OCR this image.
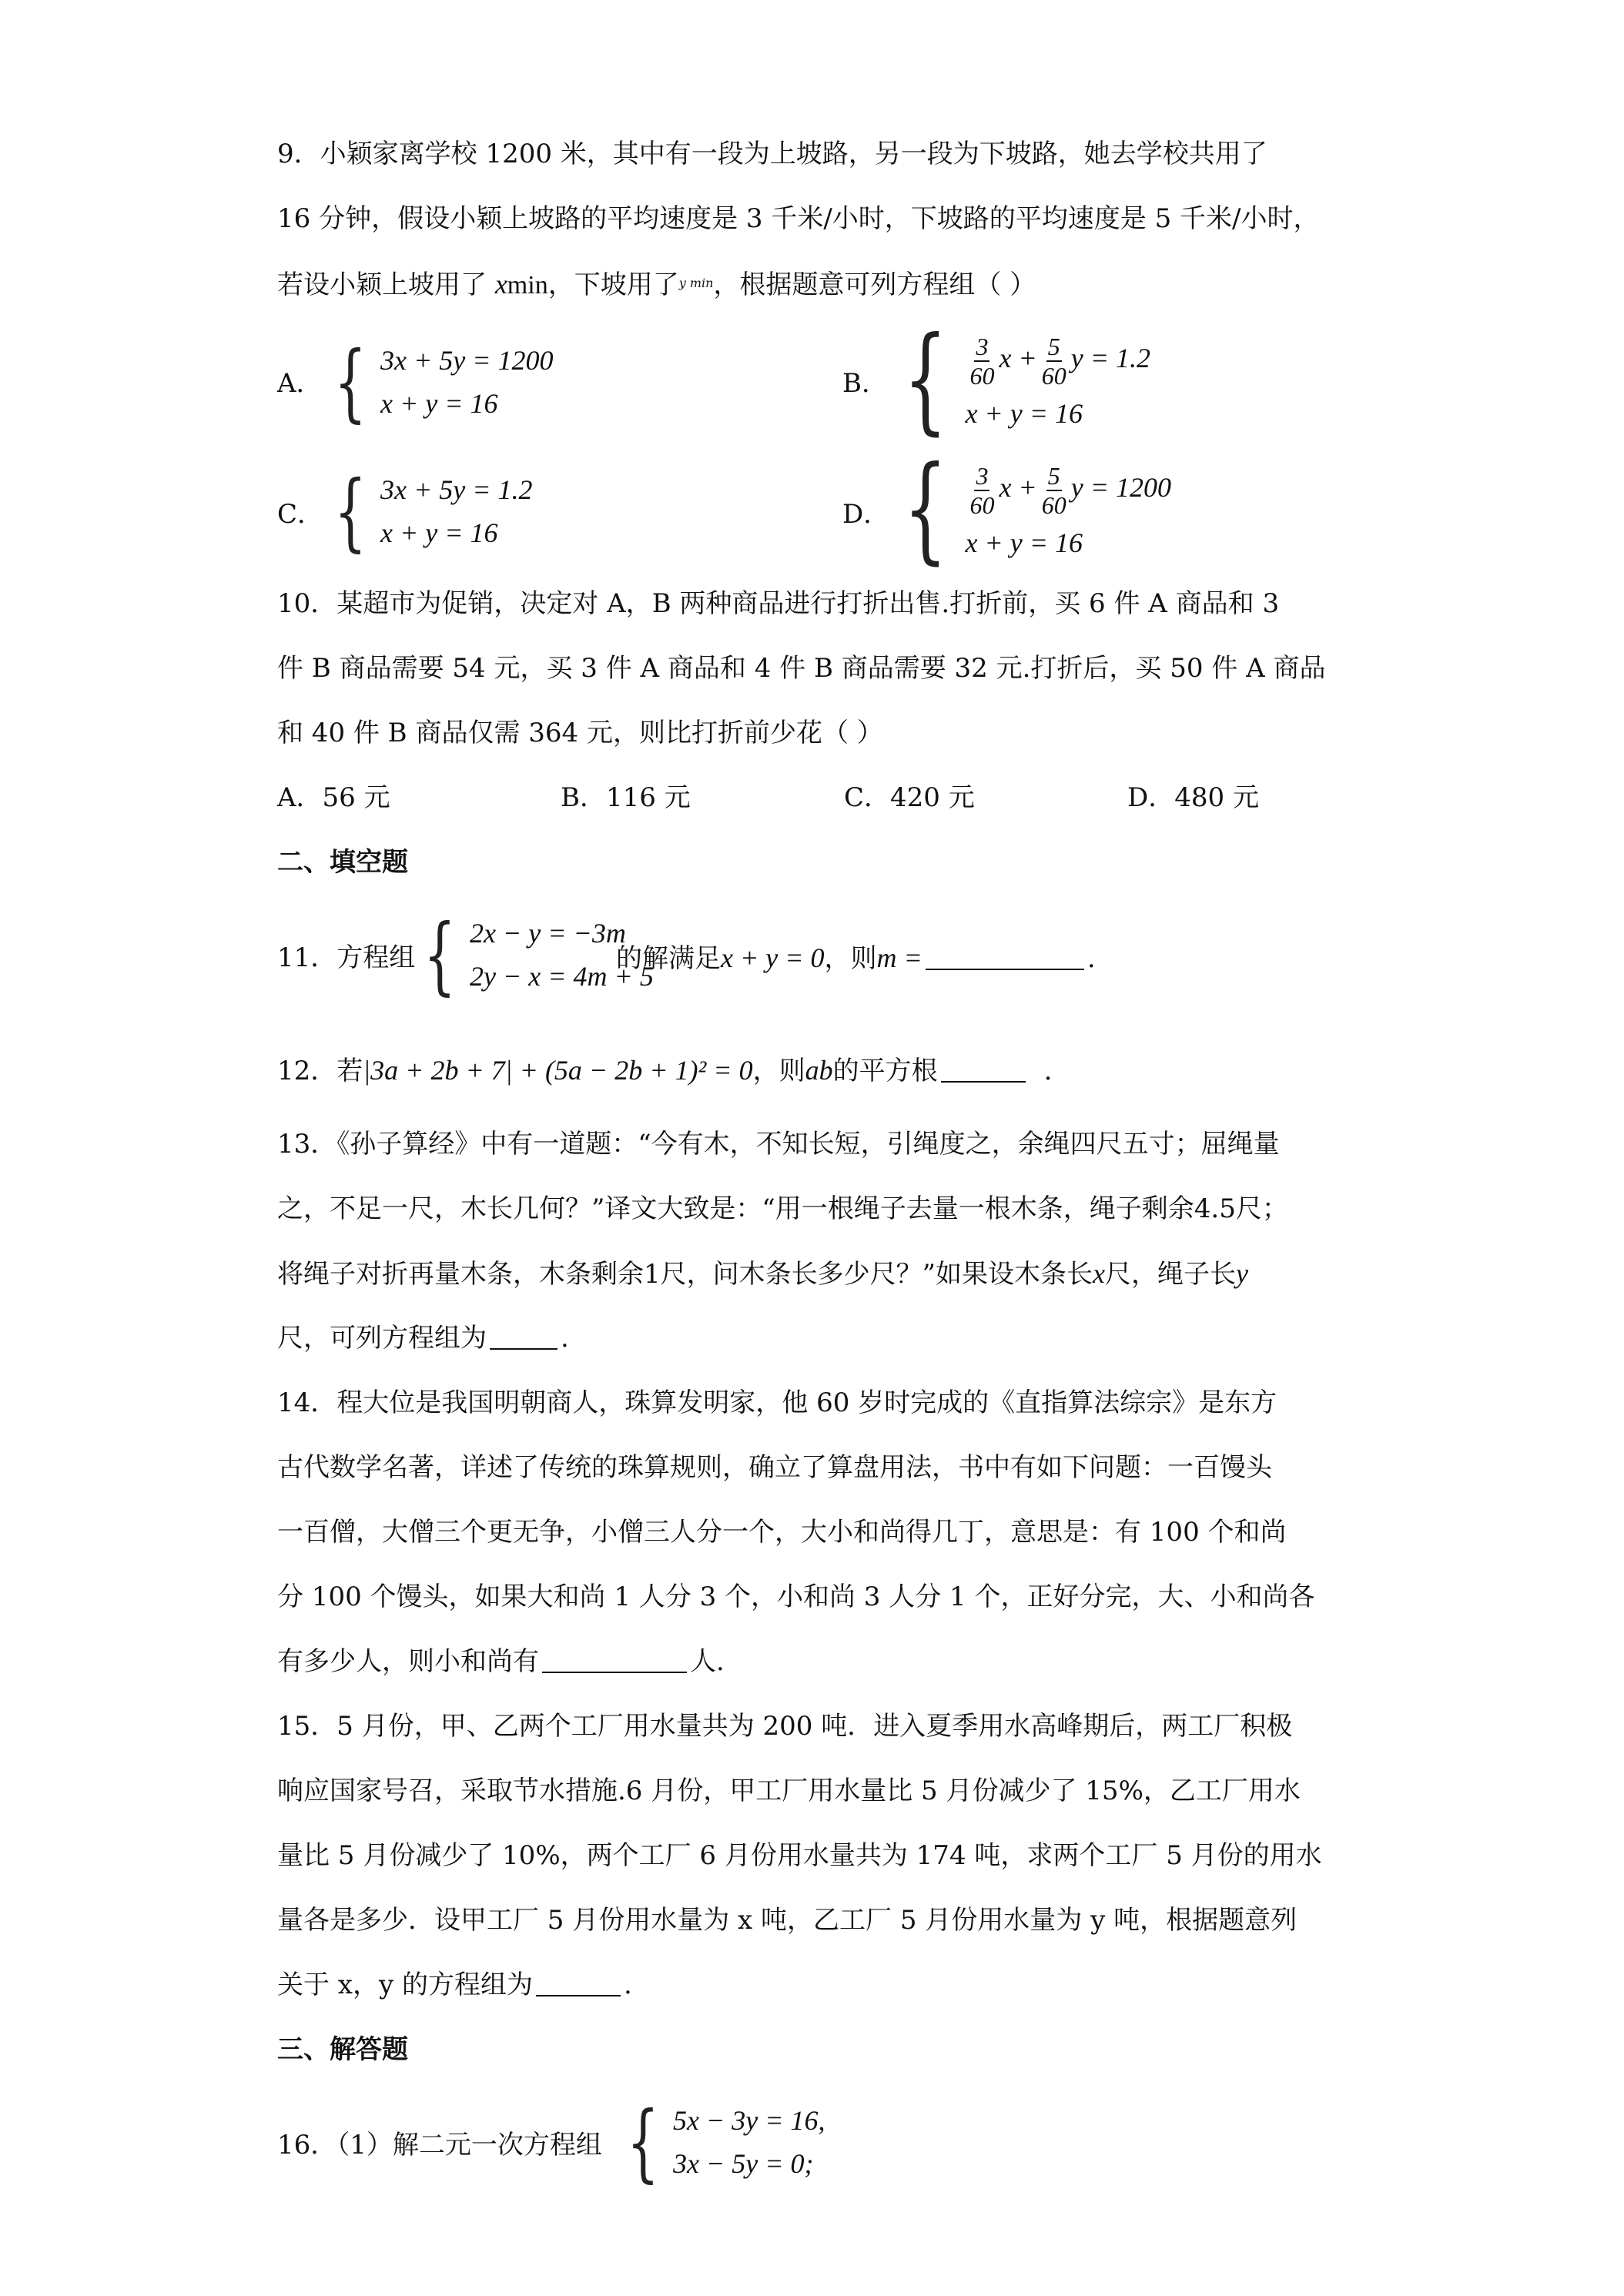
9．小颖家离学校 1200 米，其中有一段为上坡路，另一段为下坡路，她去学校共用了
16 分钟，假设小颖上坡路的平均速度是 3 千米/小时，下坡路的平均速度是 5 千米/小时，
若设小颖上坡用了 xmin，下坡用了$^{y min}$，根据题意可列方程组（ ）
A． { 3x + 5y = 1200
x + y = 16
B． { $\frac{3}{60}$ $x + \frac{5}{60}$ y = 1.2
x + y = 16
C． { 3x + 5y = 1.2
x + y = 16
D． { $\frac{3}{60}$ $x + \frac{5}{60}$ y = 1200
x + y = 16
10．某超市为促销，决定对 A，B 两种商品进行打折出售.打折前，买 6 件 A 商品和 3
件 B 商品需要 54 元，买 3 件 A 商品和 4 件 B 商品需要 32 元.打折后，买 50 件 A 商品
和 40 件 B 商品仅需 364 元，则比打折前少花（ ）
A．56 元	B．116 元	C．420 元	D．480 元
二、填空题
11．方程组 { 2x − y = −3m
2y − x = 4m + 5
的解满足x + y = 0，则m =	.
12．若|3a + 2b + 7| + (5a − 2b + 1)² = 0，则ab的平方根	.
13．《孙子算经》中有一道题：“今有木，不知长短，引绳度之，余绳四尺五寸；屈绳量
之，不足一尺，木长几何？”译文大致是：“用一根绳子去量一根木条，绳子剩余4.5尺；
将绳子对折再量木条，木条剩余1尺，问木条长多少尺？”如果设木条长x尺，绳子长y
尺，可列方程组为	.
14．程大位是我国明朝商人，珠算发明家，他 60 岁时完成的《直指算法综宗》是东方
古代数学名著，详述了传统的珠算规则，确立了算盘用法，书中有如下问题：一百馒头
一百僧，大僧三个更无争，小僧三人分一个，大小和尚得几丁，意思是：有 100 个和尚
分 100 个馒头，如果大和尚 1 人分 3 个，小和尚 3 人分 1 个，正好分完，大、小和尚各
有多少人，则小和尚有	人.
15．5 月份，甲、乙两个工厂用水量共为 200 吨．进入夏季用水高峰期后，两工厂积极
响应国家号召，采取节水措施.6 月份，甲工厂用水量比 5 月份减少了 15%，乙工厂用水
量比 5 月份减少了 10%，两个工厂 6 月份用水量共为 174 吨，求两个工厂 5 月份的用水
量各是多少．设甲工厂 5 月份用水量为 x 吨，乙工厂 5 月份用水量为 y 吨，根据题意列
关于 x，y 的方程组为	.
三、解答题
16．（1）解二元一次方程组 { 5x − 3y = 16,
3x − 5y = 0;
